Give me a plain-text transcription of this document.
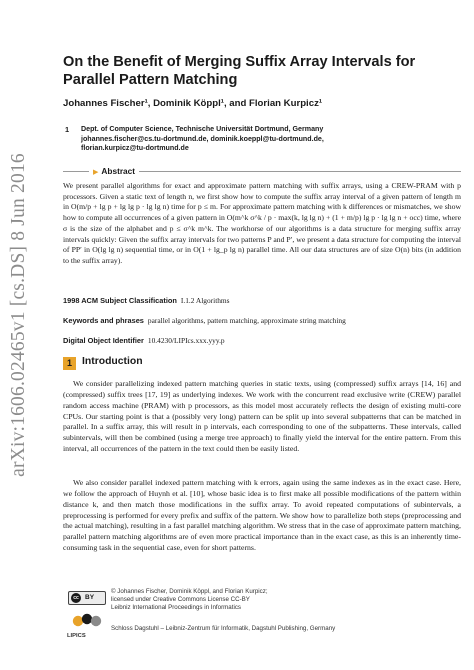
arXiv:1606.02465v1 [cs.DS] 8 Jun 2016
On the Benefit of Merging Suffix Array Intervals for Parallel Pattern Matching
Johannes Fischer¹, Dominik Köppl¹, and Florian Kurpicz¹
1 Dept. of Computer Science, Technische Universität Dortmund, Germany
johannes.fischer@cs.tu-dortmund.de, dominik.koeppl@tu-dortmund.de,
florian.kurpicz@tu-dortmund.de
▶ Abstract

We present parallel algorithms for exact and approximate pattern matching with suffix arrays, using a CREW-PRAM with p processors. Given a static text of length n, we first show how to compute the suffix array interval of a given pattern of length m in O(m/p + lg p + lg lg p · lg lg n) time for p ≤ m. For approximate pattern matching with k differences or mismatches, we show how to compute all occurrences of a given pattern in O(m^k σ^k / p · max(k, lg lg n) + (1 + m/p) lg p · lg lg n + occ) time, where σ is the size of the alphabet and p ≤ σ^k m^k. The workhorse of our algorithms is a data structure for merging suffix array intervals quickly: Given the suffix array intervals for two patterns P and P′, we present a data structure for computing the interval of PP′ in O(lg lg n) sequential time, or in O(1 + lg_p lg n) parallel time. All our data structures are of size O(n) bits (in addition to the suffix array).

1998 ACM Subject Classification I.1.2 Algorithms
Keywords and phrases parallel algorithms, pattern matching, approximate string matching
Digital Object Identifier 10.4230/LIPIcs.xxx.yyy.p
1 Introduction

We consider parallelizing indexed pattern matching queries in static texts, using (compressed) suffix arrays [14, 16] and (compressed) suffix trees [17, 19] as underlying indexes. We work with the concurrent read exclusive write (CREW) parallel random access machine (PRAM) with p processors, as this model most accurately reflects the design of existing multi-core CPUs. Our starting point is that a (possibly very long) pattern can be split up into several subpatterns that can be matched in parallel. In a suffix array, this will result in p intervals, each corresponding to one of the subpatterns. These intervals, called subintervals, will then be combined (using a merge tree approach) to finally yield the interval for the entire pattern. From this interval, all occurrences of the pattern in the text could then be easily listed.

We also consider parallel indexed pattern matching with k errors, again using the same indexes as in the exact case. Here, we follow the approach of Huynh et al. [10], whose basic idea is to first make all possible modifications of the pattern within distance k, and then match those modifications in the suffix array. To avoid repeated computations of subintervals, a preprocessing is performed for every prefix and suffix of the pattern. We show how to parallelize both steps (preprocessing and the actual matching), resulting in a fast parallel matching algorithm. We stress that in the case of approximate pattern matching, parallel pattern matching algorithms are of even more practical importance than in the exact case, as this is an inherently time-consuming task in the sequential case, even for short patterns.

cc BY
© Johannes Fischer, Dominik Köppl, and Florian Kurpicz;
licensed under Creative Commons License CC-BY
Leibniz International Proceedings in Informatics
LIPICS
Schloss Dagstuhl – Leibniz-Zentrum für Informatik, Dagstuhl Publishing, Germany
